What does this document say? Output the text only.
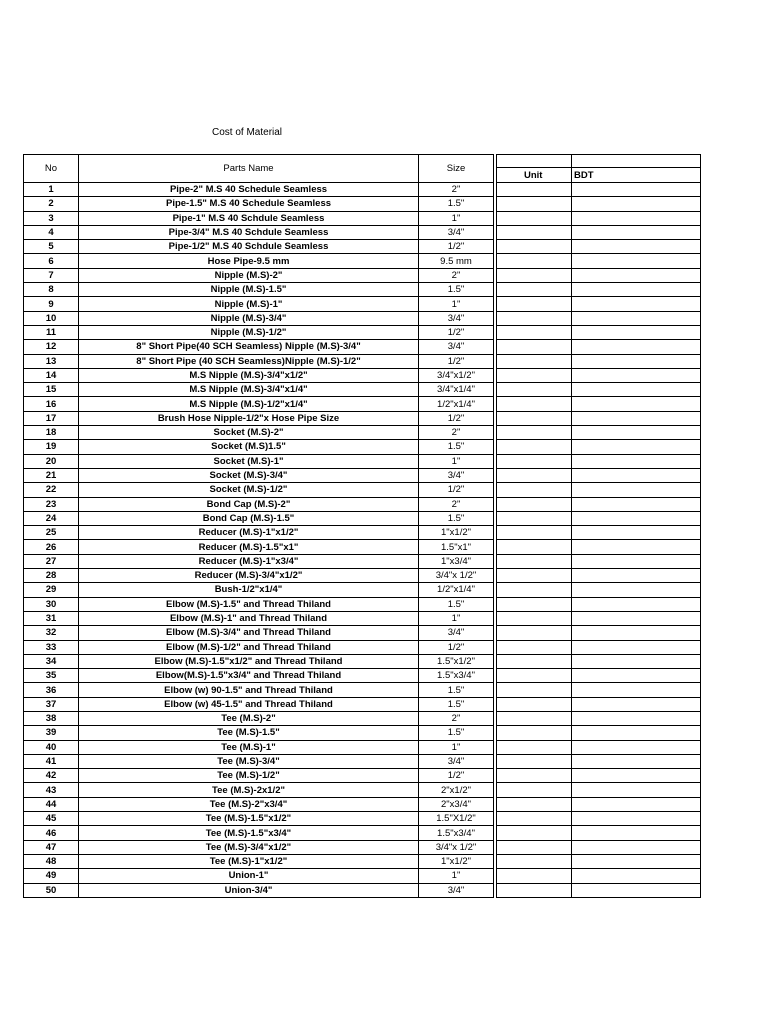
Cost of Material
No	Parts Name	Size		Unit	BDT

1	Pipe-2" M.S 40 Schedule Seamless	2"			
2	Pipe-1.5" M.S 40 Schedule Seamless	1.5"			
3	Pipe-1" M.S 40 Schdule Seamless	1"			
4	Pipe-3/4" M.S 40 Schdule Seamless	3/4"			
5	Pipe-1/2" M.S 40 Schdule Seamless	1/2"			
6	Hose Pipe-9.5 mm	9.5 mm			
7	Nipple (M.S)-2"	2"			
8	Nipple (M.S)-1.5"	1.5"			
9	Nipple (M.S)-1"	1"			
10	Nipple (M.S)-3/4"	3/4"			
11	Nipple (M.S)-1/2"	1/2"			
12	8" Short Pipe(40 SCH Seamless) Nipple (M.S)-3/4"	3/4"			
13	8" Short Pipe (40 SCH Seamless)Nipple (M.S)-1/2"	1/2"			
14	M.S Nipple (M.S)-3/4"x1/2"	3/4"x1/2"			
15	M.S Nipple (M.S)-3/4"x1/4"	3/4"x1/4"			
16	M.S Nipple (M.S)-1/2"x1/4"	1/2"x1/4"			
17	Brush Hose Nipple-1/2"x Hose Pipe Size	1/2"			
18	Socket (M.S)-2"	2"			
19	Socket (M.S)1.5"	1.5"			
20	Socket (M.S)-1"	1"			
21	Socket (M.S)-3/4"	3/4"			
22	Socket (M.S)-1/2"	1/2"			
23	Bond Cap (M.S)-2"	2"			
24	Bond Cap (M.S)-1.5"	1.5"			
25	Reducer (M.S)-1"x1/2"	1"x1/2"			
26	Reducer (M.S)-1.5"x1"	1.5"x1"			
27	Reducer (M.S)-1"x3/4"	1"x3/4"			
28	Reducer (M.S)-3/4"x1/2"	3/4"x 1/2"			
29	Bush-1/2"x1/4"	1/2"x1/4"			
30	Elbow (M.S)-1.5" and Thread Thiland	1.5"			
31	Elbow (M.S)-1" and Thread Thiland	1"			
32	Elbow (M.S)-3/4" and Thread Thiland	3/4"			
33	Elbow (M.S)-1/2" and Thread Thiland	1/2"			
34	Elbow (M.S)-1.5"x1/2" and Thread Thiland	1.5"x1/2"			
35	Elbow(M.S)-1.5"x3/4" and Thread Thiland	1.5"x3/4"			
36	Elbow (w) 90-1.5" and Thread Thiland	1.5"			
37	Elbow (w) 45-1.5" and Thread Thiland	1.5"			
38	Tee (M.S)-2"	2"			
39	Tee (M.S)-1.5"	1.5"			
40	Tee (M.S)-1"	1"			
41	Tee (M.S)-3/4"	3/4"			
42	Tee (M.S)-1/2"	1/2"			
43	Tee (M.S)-2x1/2"	2"x1/2"			
44	Tee (M.S)-2"x3/4"	2"x3/4"			
45	Tee (M.S)-1.5"x1/2"	1.5"X1/2"			
46	Tee (M.S)-1.5"x3/4"	1.5"x3/4"			
47	Tee (M.S)-3/4"x1/2"	3/4"x 1/2"			
48	Tee (M.S)-1"x1/2"	1"x1/2"			
49	Union-1"	1"			
50	Union-3/4"	3/4"			
